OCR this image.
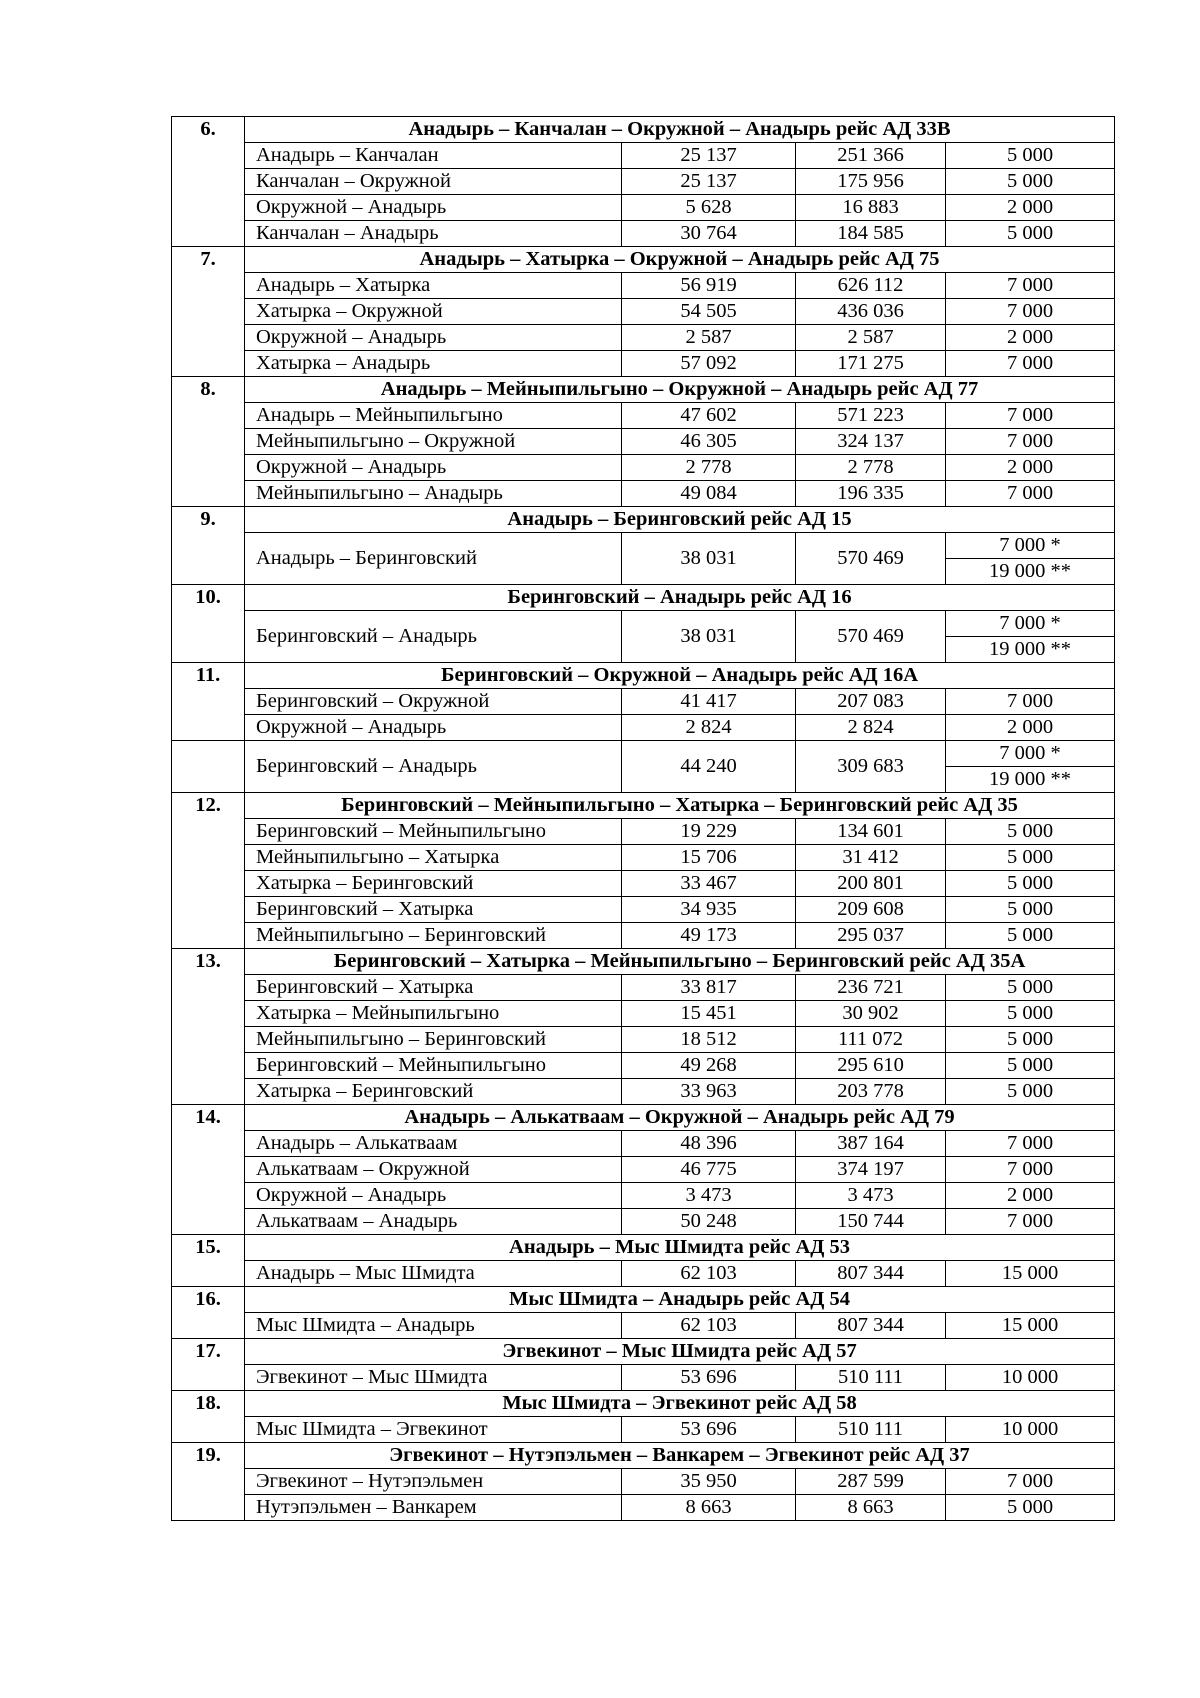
6.	Анадырь – Канчалан – Окружной – Анадырь рейс АД 33В			
	Анадырь – Канчалан	25 137	251 366	5 000
	Канчалан – Окружной	25 137	175 956	5 000
	Окружной – Анадырь	5 628	16 883	2 000
	Канчалан – Анадырь	30 764	184 585	5 000
7.	Анадырь – Хатырка – Окружной – Анадырь рейс АД 75			
	Анадырь – Хатырка	56 919	626 112	7 000
	Хатырка – Окружной	54 505	436 036	7 000
	Окружной – Анадырь	2 587	2 587	2 000
	Хатырка – Анадырь	57 092	171 275	7 000
8.	Анадырь – Мейныпильгыно – Окружной – Анадырь рейс АД 77			
	Анадырь – Мейныпильгыно	47 602	571 223	7 000
	Мейныпильгыно – Окружной	46 305	324 137	7 000
	Окружной – Анадырь	2 778	2 778	2 000
	Мейныпильгыно – Анадырь	49 084	196 335	7 000
9.	Анадырь – Беринговский рейс АД 15			
	Анадырь – Беринговский	38 031	570 469	7 000 *
				19 000 **
10.	Беринговский – Анадырь рейс АД 16			
	Беринговский – Анадырь	38 031	570 469	7 000 *
				19 000 **
11.	Беринговский – Окружной – Анадырь рейс АД 16А			
	Беринговский – Окружной	41 417	207 083	7 000
	Окружной – Анадырь	2 824	2 824	2 000
	Беринговский – Анадырь	44 240	309 683	7 000 *
				19 000 **
12.	Беринговский – Мейныпильгыно – Хатырка – Беринговский рейс АД 35			
	Беринговский – Мейныпильгыно	19 229	134 601	5 000
	Мейныпильгыно – Хатырка	15 706	31 412	5 000
	Хатырка – Беринговский	33 467	200 801	5 000
	Беринговский – Хатырка	34 935	209 608	5 000
	Мейныпильгыно – Беринговский	49 173	295 037	5 000
13.	Беринговский – Хатырка – Мейныпильгыно – Беринговский рейс АД 35А			
	Беринговский – Хатырка	33 817	236 721	5 000
	Хатырка – Мейныпильгыно	15 451	30 902	5 000
	Мейныпильгыно – Беринговский	18 512	111 072	5 000
	Беринговский – Мейныпильгыно	49 268	295 610	5 000
	Хатырка – Беринговский	33 963	203 778	5 000
14.	Анадырь – Алькатваам – Окружной – Анадырь рейс АД 79			
	Анадырь – Алькатваам	48 396	387 164	7 000
	Алькатваам – Окружной	46 775	374 197	7 000
	Окружной – Анадырь	3 473	3 473	2 000
	Алькатваам – Анадырь	50 248	150 744	7 000
15.	Анадырь – Мыс Шмидта рейс АД 53			
	Анадырь – Мыс Шмидта	62 103	807 344	15 000
16.	Мыс Шмидта – Анадырь рейс АД 54			
	Мыс Шмидта – Анадырь	62 103	807 344	15 000
17.	Эгвекинот – Мыс Шмидта рейс АД 57			
	Эгвекинот – Мыс Шмидта	53 696	510 111	10 000
18.	Мыс Шмидта – Эгвекинот рейс АД 58			
	Мыс Шмидта – Эгвекинот	53 696	510 111	10 000
19.	Эгвекинот – Нутэпэльмен – Ванкарем – Эгвекинот рейс АД 37			
	Эгвекинот – Нутэпэльмен	35 950	287 599	7 000
	Нутэпэльмен – Ванкарем	8 663	8 663	5 000
